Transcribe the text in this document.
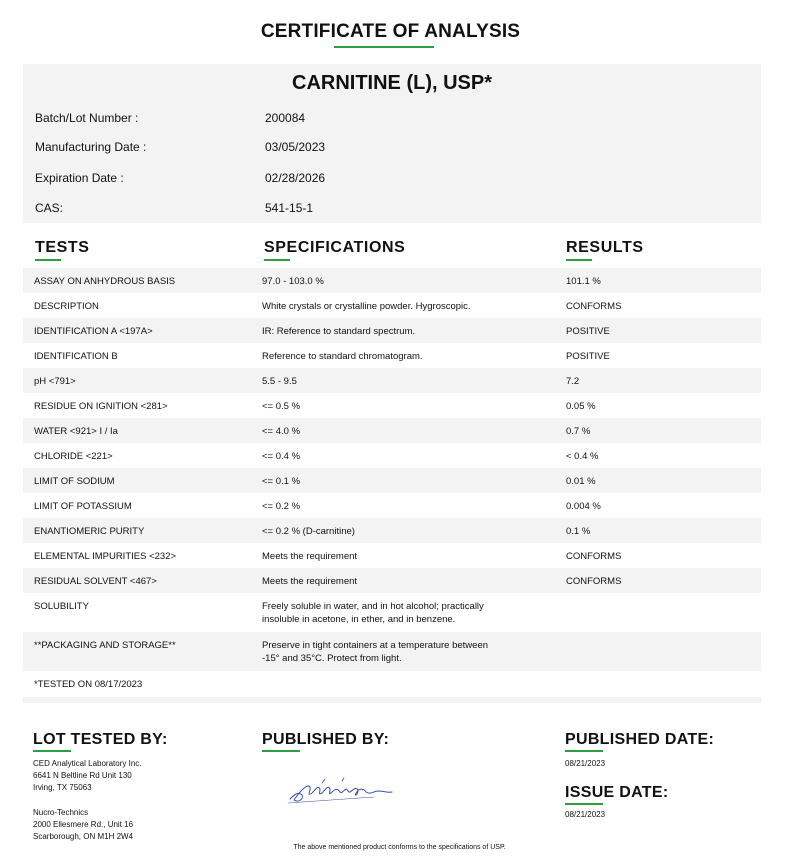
CERTIFICATE OF ANALYSIS
CARNITINE (L), USP*
Batch/Lot Number :	200084
Manufacturing Date :	03/05/2023
Expiration Date :	02/28/2026
CAS:	541-15-1
TESTS	SPECIFICATIONS	RESULTS
ASSAY ON ANHYDROUS BASIS	97.0 - 103.0 %	101.1 %
DESCRIPTION	White crystals or crystalline powder. Hygroscopic.	CONFORMS
IDENTIFICATION A <197A>	IR: Reference to standard spectrum.	POSITIVE
IDENTIFICATION B	Reference to standard chromatogram.	POSITIVE
pH <791>	5.5 - 9.5	7.2
RESIDUE ON IGNITION <281>	<= 0.5 %	0.05 %
WATER <921> I / Ia	<= 4.0 %	0.7 %
CHLORIDE <221>	<= 0.4 %	< 0.4 %
LIMIT OF SODIUM	<= 0.1 %	0.01 %
LIMIT OF POTASSIUM	<= 0.2 %	0.004 %
ENANTIOMERIC PURITY	<= 0.2 % (D-carnitine)	0.1 %
ELEMENTAL IMPURITIES <232>	Meets the requirement	CONFORMS
RESIDUAL SOLVENT <467>	Meets the requirement	CONFORMS
SOLUBILITY	Freely soluble in water, and in hot alcohol; practically insoluble in acetone, in ether, and in benzene.
**PACKAGING AND STORAGE**	Preserve in tight containers at a temperature between -15° and 35°C. Protect from light.
*TESTED ON 08/17/2023
LOT TESTED BY:
CED Analytical Laboratory Inc.
6641 N Beltline Rd Unit 130
Irving, TX 75063
Nucro-Technics
2000 Ellesmere Rd., Unit 16
Scarborough, ON M1H 2W4
PUBLISHED BY:	PUBLISHED DATE:
08/21/2023
ISSUE DATE:
08/21/2023
The above mentioned product conforms to the specifications of USP.
